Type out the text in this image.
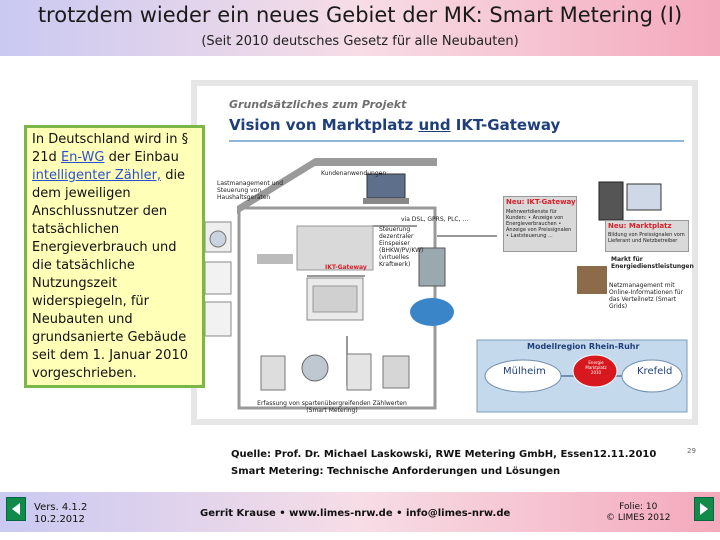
trotzdem wieder ein neues Gebiet der MK: Smart Metering (I)
(Seit 2010 deutsches Gesetz für alle Neubauten)
Grundsätzliches zum Projekt
Vision von Marktplatz und IKT-Gateway
Lastmanagement und Steuerung von Haushaltsgeräten
Kundenanwendungen
via DSL, GPRS, PLC, ...
Neu: IKT-Gateway
Mehrwertdienste für Kunden: • Anzeige von Energieverbrauchen • Anzeige von Preissignalen • Laststeuerung ...
Neu: Marktplatz
Bildung von Preissignalen vom Lieferant und Netzbetreiber
Steuerung dezentraler Einspeiser (BHKW/PV/KW) (virtuelles Kraftwerk)
Markt für Energiedienstleistungen
IKT-Gateway
Netzmanagement mit Online-Informationen für das Verteilnetz (Smart Grids)
Modellregion Rhein-Ruhr
Mülheim	Krefeld
Energie Marktplatz 2010
Erfassung von spartenübergreifenden Zählwerten (Smart Metering)
In Deutschland wird in § 21d En-WG der Einbau intelligenter Zähler, die dem jeweiligen Anschlussnutzer den tatsächlichen Energieverbrauch und die tatsächliche Nutzungszeit widerspiegeln, für Neubauten und grundsanierte Gebäude seit dem 1. Januar 2010 vorgeschrieben.
Quelle: Prof. Dr. Michael Laskowski, RWE Metering GmbH, Essen12.11.2010
Smart Metering: Technische Anforderungen und Lösungen
29
Vers. 4.1.2
10.2.2012
Gerrit Krause • www.limes-nrw.de • info@limes-nrw.de
Folie: 10
© LIMES 2012
